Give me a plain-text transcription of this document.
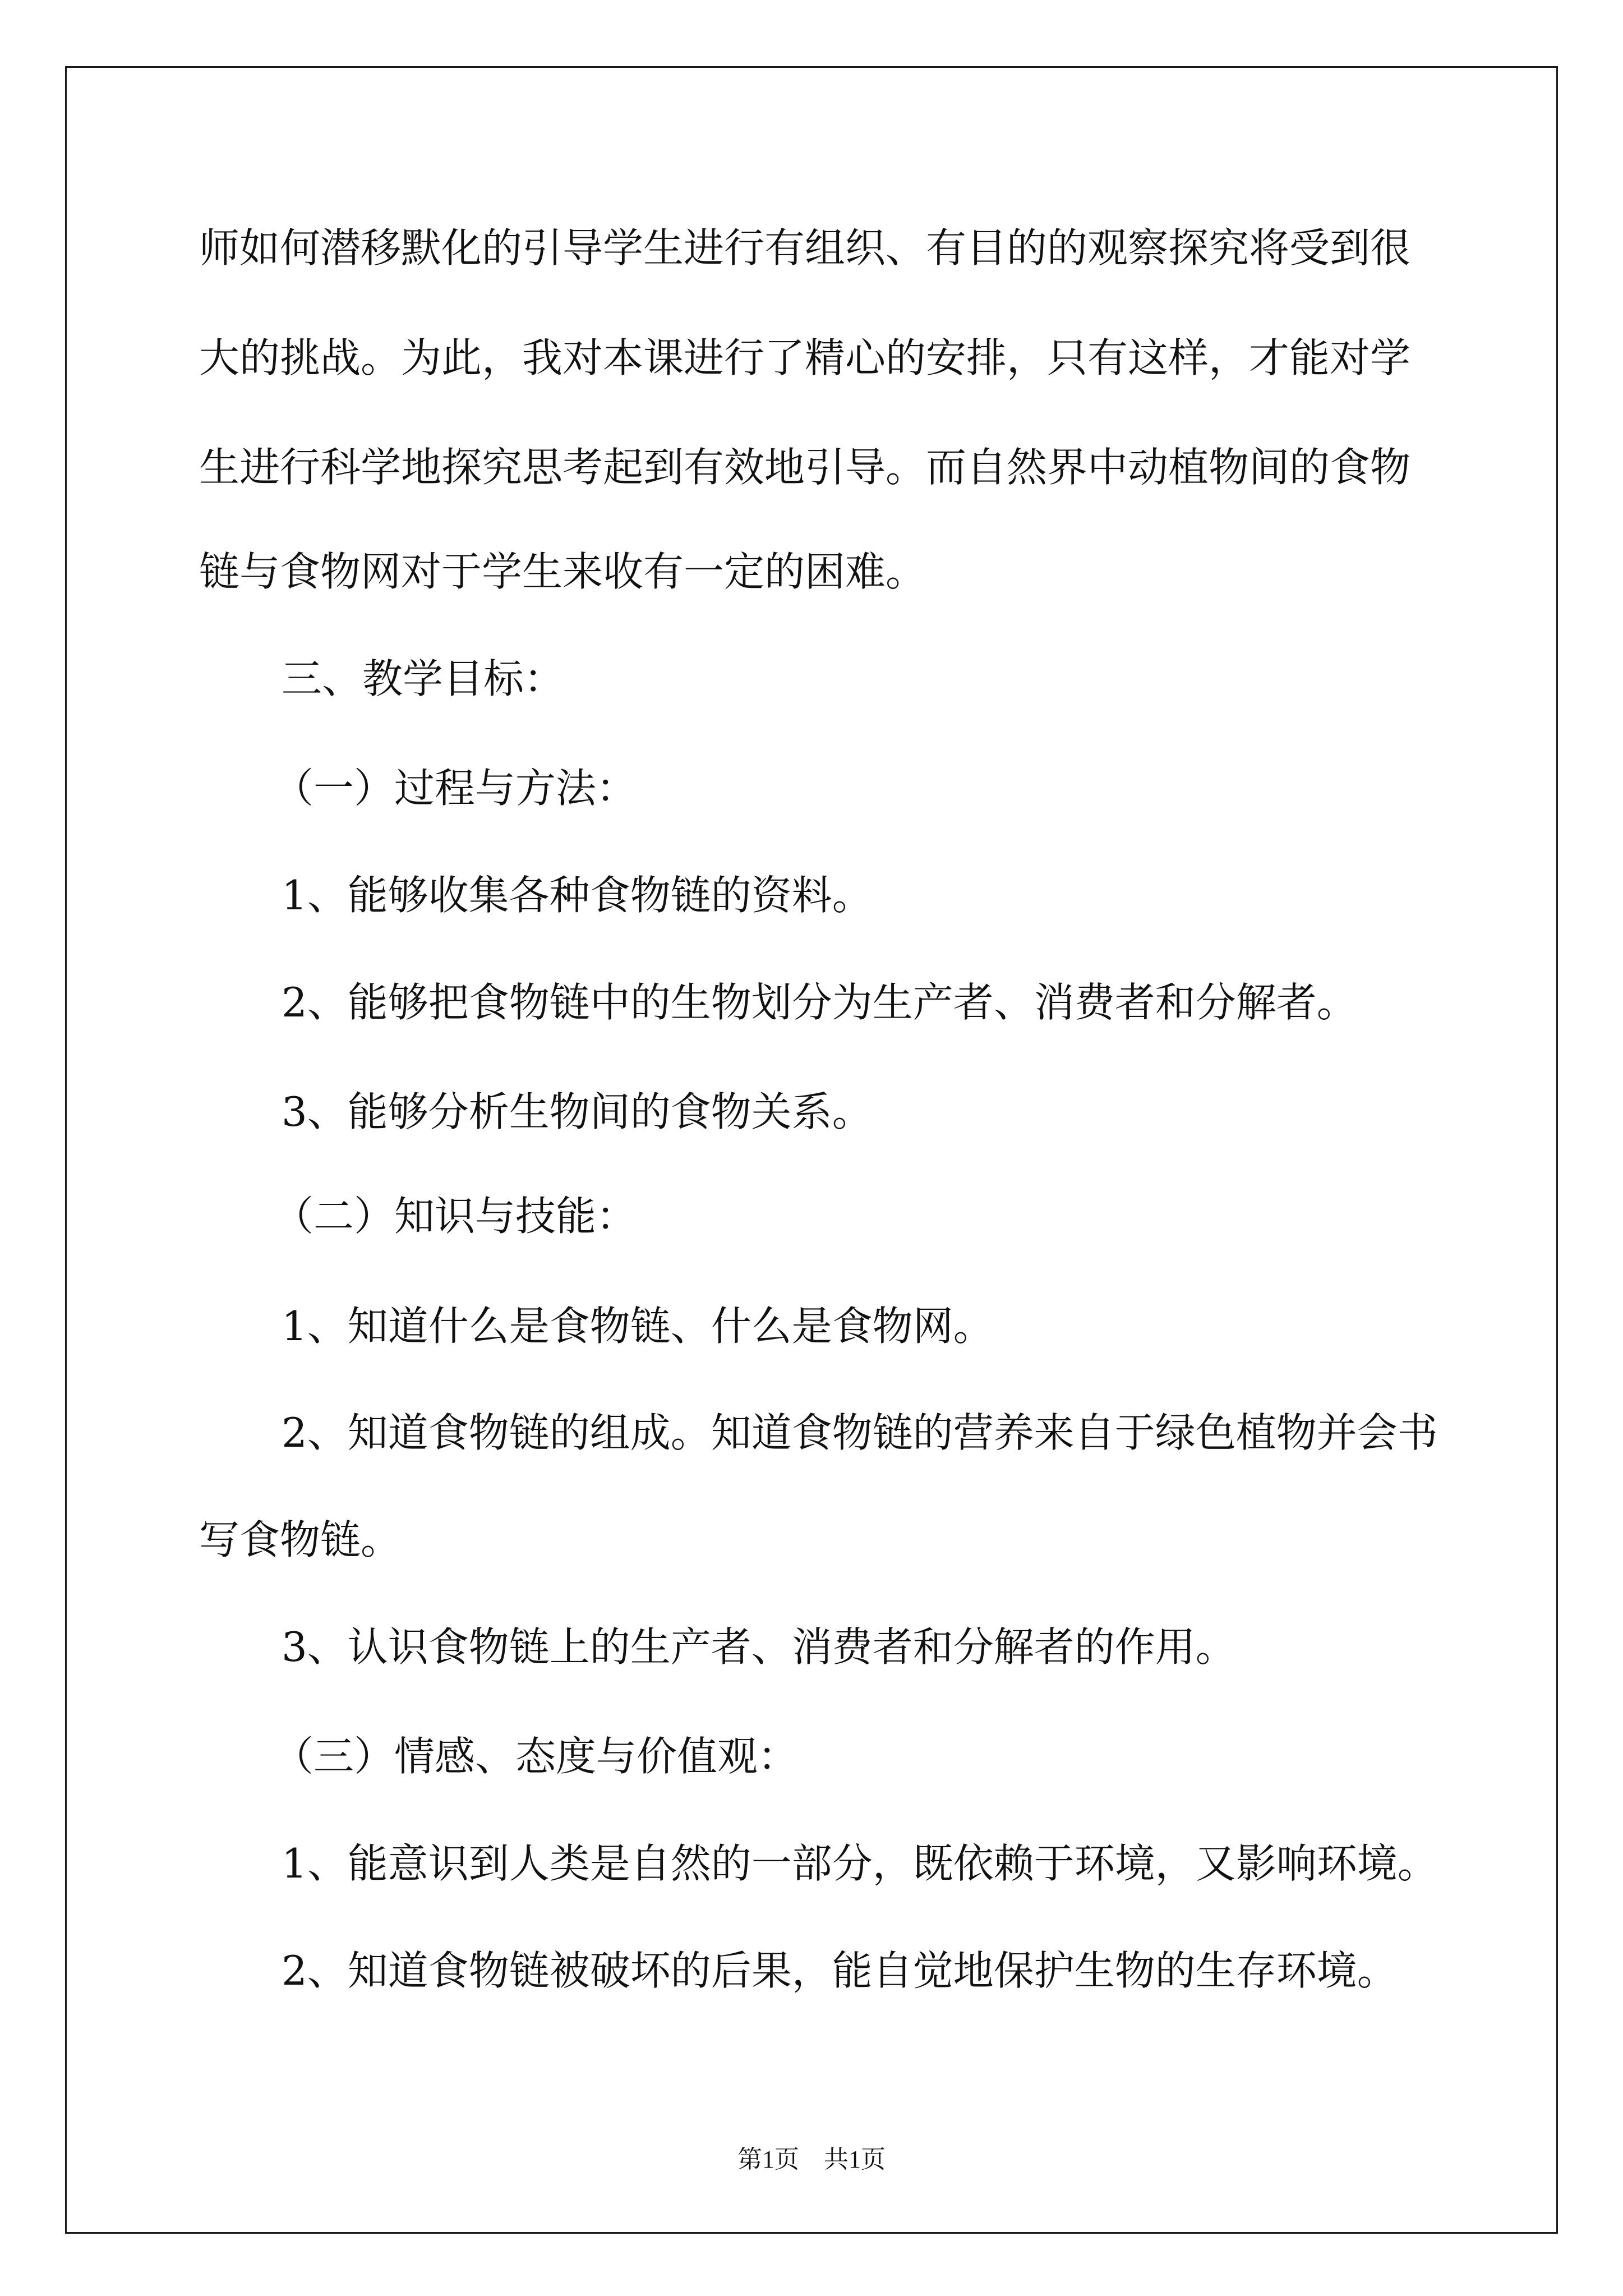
师如何潜移默化的引导学生进行有组织、有目的的观察探究将受到很
大的挑战。为此，我对本课进行了精心的安排，只有这样，才能对学
生进行科学地探究思考起到有效地引导。而自然界中动植物间的食物
链与食物网对于学生来收有一定的困难。
三、教学目标：
（一）过程与方法：
1、能够收集各种食物链的资料。
2、能够把食物链中的生物划分为生产者、消费者和分解者。
3、能够分析生物间的食物关系。
（二）知识与技能：
1、知道什么是食物链、什么是食物网。
2、知道食物链的组成。知道食物链的营养来自于绿色植物并会书
写食物链。
3、认识食物链上的生产者、消费者和分解者的作用。
（三）情感、态度与价值观：
1、能意识到人类是自然的一部分，既依赖于环境，又影响环境。
2、知道食物链被破坏的后果，能自觉地保护生物的生存环境。
第1页　共1页
